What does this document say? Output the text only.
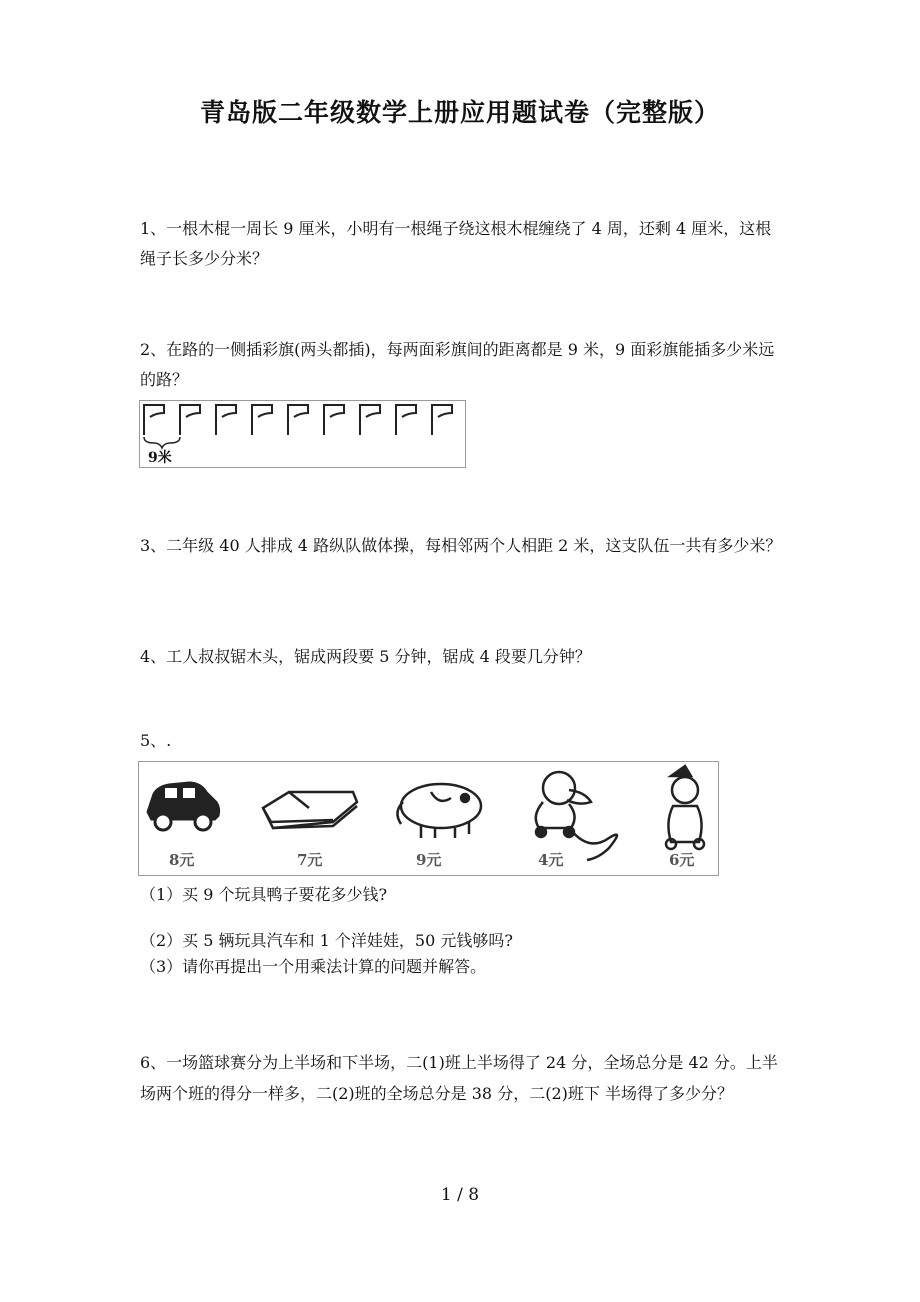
青岛版二年级数学上册应用题试卷（完整版）
1、一根木棍一周长 9 厘米，小明有一根绳子绕这根木棍缠绕了 4 周，还剩 4 厘米，这根绳子长多少分米？
2、在路的一侧插彩旗(两头都插)，每两面彩旗间的距离都是 9 米，9 面彩旗能插多少米远的路？
9米
3、二年级 40 人排成 4 路纵队做体操，每相邻两个人相距 2 米，这支队伍一共有多少米？
4、工人叔叔锯木头，锯成两段要 5 分钟，锯成 4 段要几分钟？
5、.
8元	7元	9元	4元	6元
（1）买 9 个玩具鸭子要花多少钱?
（2）买 5 辆玩具汽车和 1 个洋娃娃，50 元钱够吗?
（3）请你再提出一个用乘法计算的问题并解答。
6、一场篮球赛分为上半场和下半场，二(1)班上半场得了 24 分，全场总分是 42 分。上半场两个班的得分一样多，二(2)班的全场总分是 38 分，二(2)班下 半场得了多少分？
1 / 8
